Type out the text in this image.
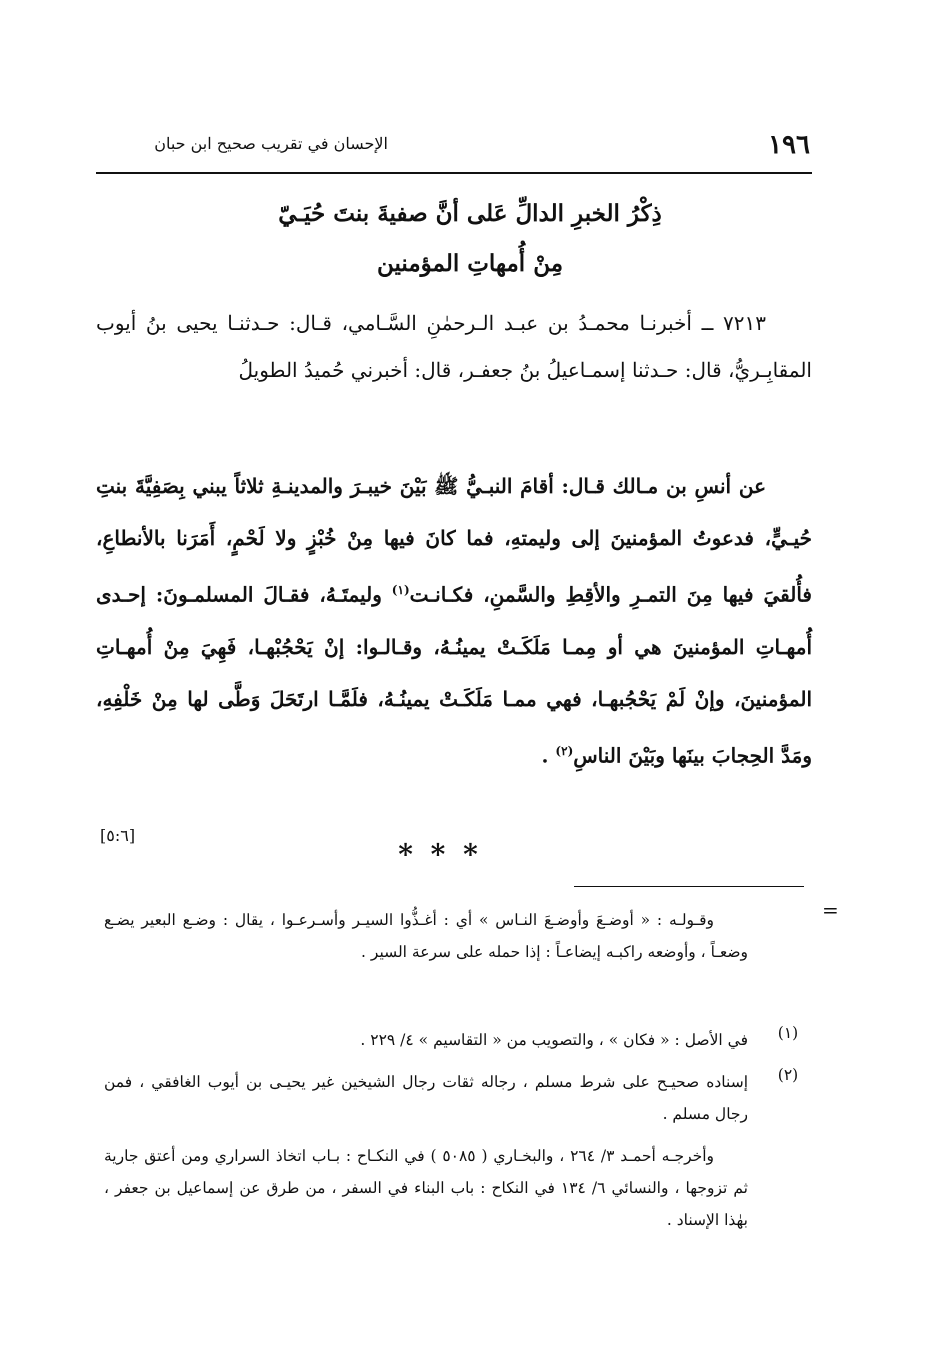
١٩٦
الإحسان في تقريب صحيح ابن حبان
ذِكْرُ الخبرِ الدالِّ عَلى أنَّ صفيةَ بنتَ حُيَـيّ
مِنْ أُمهاتِ المؤمنين
٧٢١٣ ــ أخبرنـا محمـدُ بن عبـد الـرحمٰنِ السَّـامي، قـال: حـدثنـا يحيى بنُ أيوب المقابِـريُّ، قال: حـدثنا إسمـاعيلُ بنُ جعفـر، قال: أخبرني حُميدُ الطويلُ
عن أنسِ بن مـالك قـال: أقامَ النبـيُّ ﷺ بَيْنَ خيبـرَ والمدينـةِ ثلاثاً يبني بِصَفِيَّةَ بنتِ حُيـيٍّ، فدعوتُ المؤمنينَ إلى وليمتهِ، فما كانَ فيها مِنْ خُبْزٍ ولا لَحْمٍ، أَمَرَنا بالأنطاعِ، فأُلقيَ فيها مِنَ التمـرِ والأقِطِ والسَّمنِ، فكـانـت$^{(١)}$ وليمتَـهُ، فقـالَ المسلمـونَ: إحـدى أُمهـاتِ المؤمنينَ هي أو مِمـا مَلَكَـتْ يمينُـهُ، وقـالـوا: إنْ يَحْجُبْهـا، فَهِيَ مِنْ أُمهـاتِ المؤمنينَ، وإنْ لَمْ يَحْجُبهـا، فهي ممـا مَلَكَـتْ يمينُـهُ، فلَمَّـا ارتَحَلَ وَطَّى لها مِنْ خَلْفِهِ، ومَدَّ الحِجابَ بينَها وبَيْنَ الناسِ$^{(٢)}$ .
[٥:٦]
* * *
=
وقـولـه : « أوضـعَ وأوضـعَ النـاس » أي : أغـذُّوا السيـر وأسـرعـوا ، يقال : وضـع البعير يضـع وضعـاً ، وأوضعه راكبـه إيضاعـاً : إذا حمله على سرعة السير .
(١)
في الأصل : « فكان » ، والتصويب من « التقاسيم » ٤/ ٢٢٩ .
(٢)
إسناده صحيـح على شرط مسلم ، رجاله ثقات رجال الشيخين غير يحيـى بن أيوب الغافقي ، فمن رجال مسلم .
وأخرجـه أحمـد ٣/ ٢٦٤ ، والبخـاري ( ٥٠٨٥ ) في النكـاح : بـاب اتخاذ السراري ومن أعتق جارية ثم تزوجها ، والنسائي ٦/ ١٣٤ في النكاح : باب البناء في السفر ، من طرق عن إسماعيل بن جعفر ، بهٰذا الإسناد .
